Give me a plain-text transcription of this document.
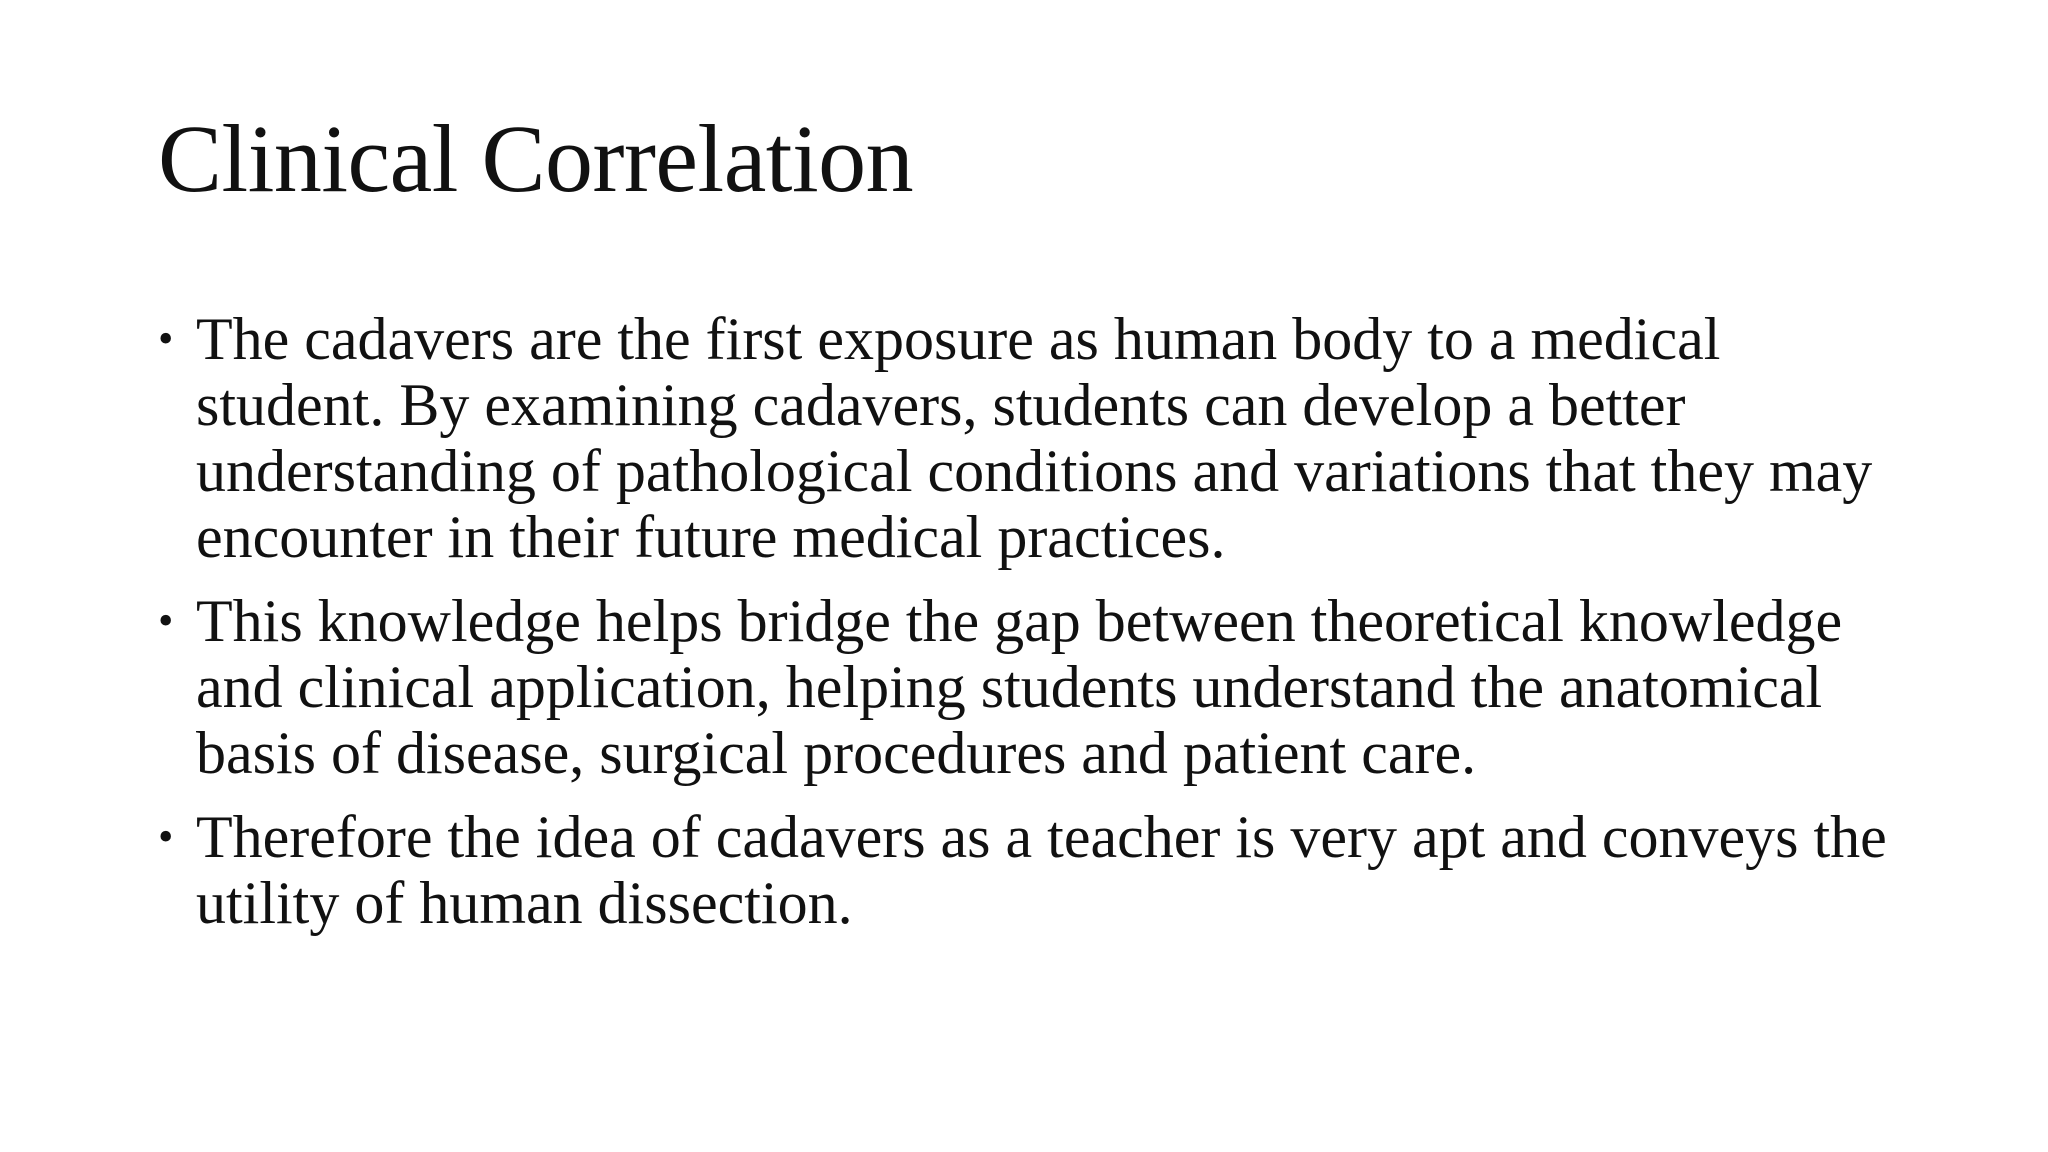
Clinical Correlation
• The cadavers are the first exposure as human body to a medical student. By examining cadavers, students can develop a better understanding of pathological conditions and variations that they may encounter in their future medical practices.
• This knowledge helps bridge the gap between theoretical knowledge and clinical application, helping students understand the anatomical basis of disease, surgical procedures and patient care.
• Therefore the idea of cadavers as a teacher is very apt and conveys the utility of human dissection.
